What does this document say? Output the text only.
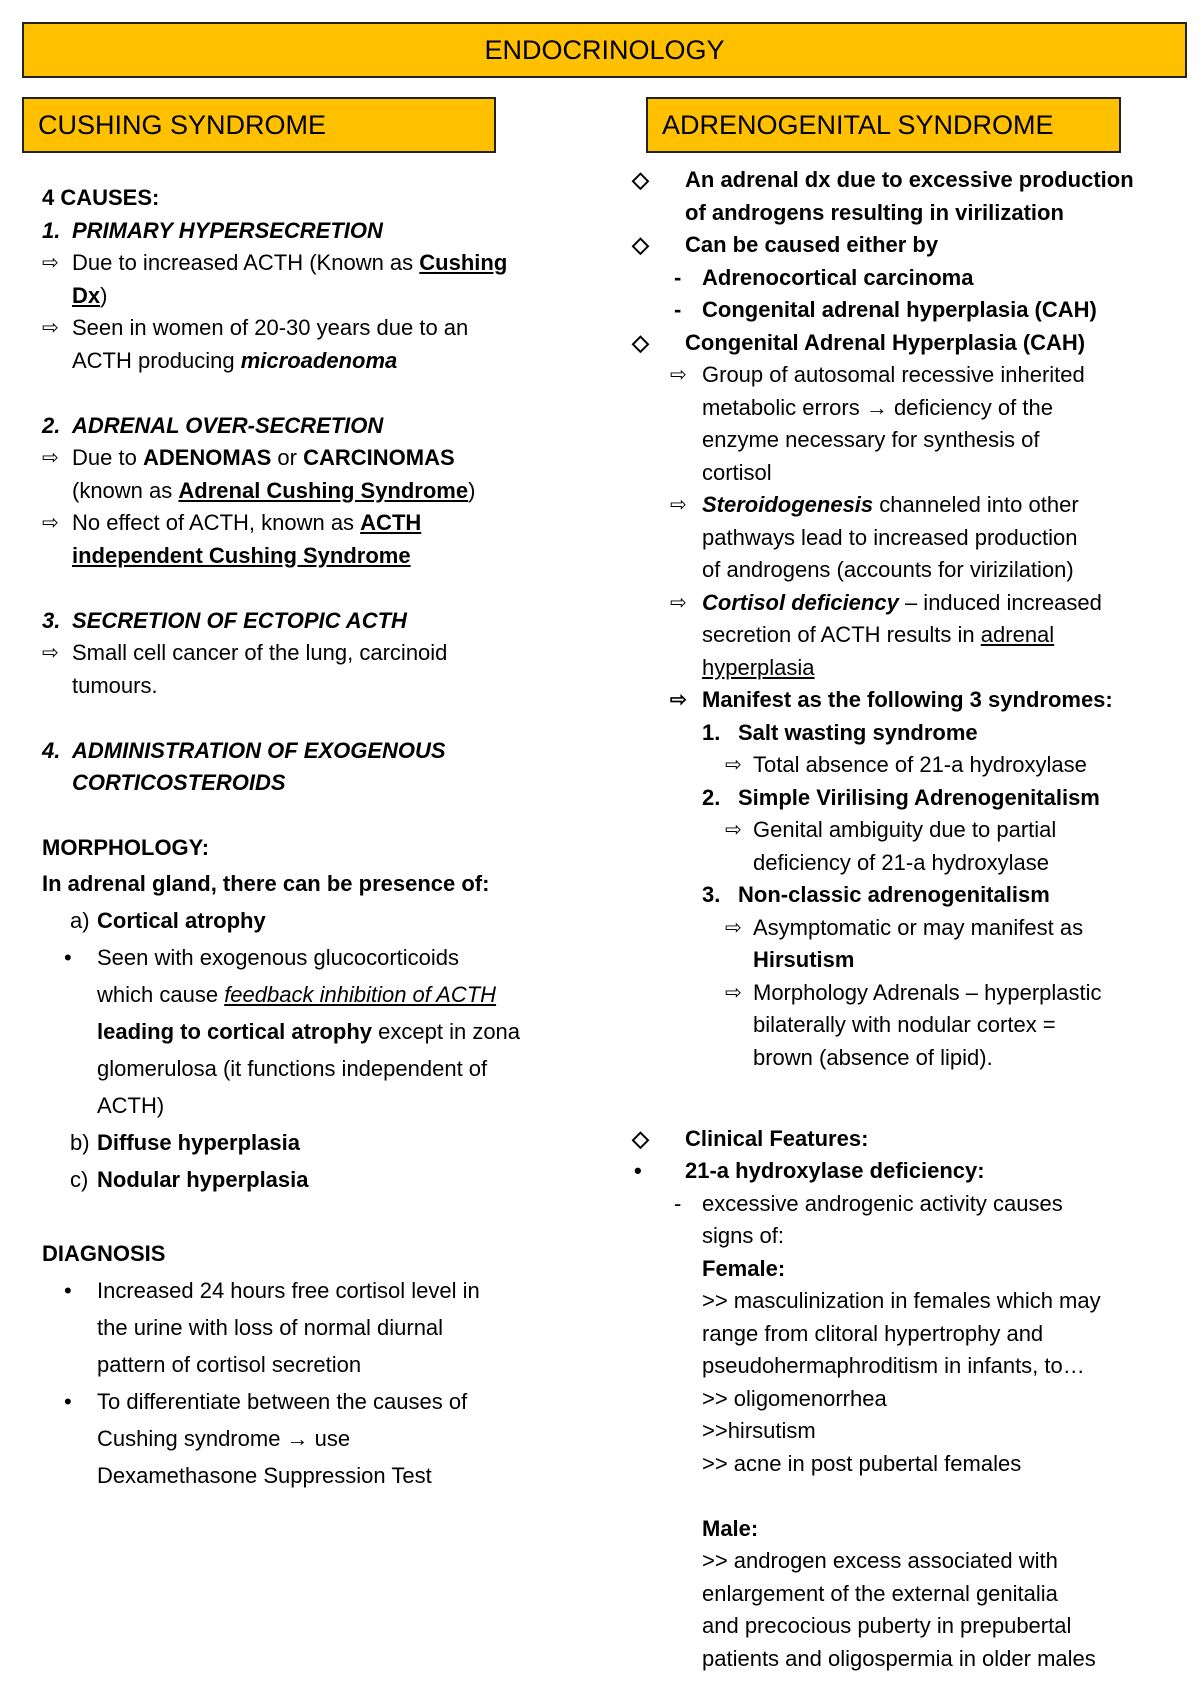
ENDOCRINOLOGY
CUSHING SYNDROME	ADRENOGENITAL SYNDROME
4 CAUSES:
1. PRIMARY HYPERSECRETION
⇨ Due to increased ACTH (Known as Cushing
Dx)
⇨ Seen in women of 20-30 years due to an
ACTH producing microadenoma
2. ADRENAL OVER-SECRETION
⇨ Due to ADENOMAS or CARCINOMAS
(known as Adrenal Cushing Syndrome)
⇨ No effect of ACTH, known as ACTH
independent Cushing Syndrome
3. SECRETION OF ECTOPIC ACTH
⇨ Small cell cancer of the lung, carcinoid
tumours.
4. ADMINISTRATION OF EXOGENOUS
CORTICOSTEROIDS
MORPHOLOGY:
In adrenal gland, there can be presence of:
a) Cortical atrophy
• Seen with exogenous glucocorticoids
which cause feedback inhibition of ACTH
leading to cortical atrophy except in zona
glomerulosa (it functions independent of
ACTH)
b) Diffuse hyperplasia
c) Nodular hyperplasia
DIAGNOSIS
• Increased 24 hours free cortisol level in
the urine with loss of normal diurnal
pattern of cortisol secretion
• To differentiate between the causes of
Cushing syndrome → use
Dexamethasone Suppression Test
◇ An adrenal dx due to excessive production
of androgens resulting in virilization
◇ Can be caused either by
- Adrenocortical carcinoma
- Congenital adrenal hyperplasia (CAH)
◇ Congenital Adrenal Hyperplasia (CAH)
⇨ Group of autosomal recessive inherited
metabolic errors → deficiency of the
enzyme necessary for synthesis of
cortisol
⇨ Steroidogenesis channeled into other
pathways lead to increased production
of androgens (accounts for virizilation)
⇨ Cortisol deficiency – induced increased
secretion of ACTH results in adrenal
hyperplasia
⇨ Manifest as the following 3 syndromes:
1. Salt wasting syndrome
⇨ Total absence of 21-a hydroxylase
2. Simple Virilising Adrenogenitalism
⇨ Genital ambiguity due to partial
deficiency of 21-a hydroxylase
3. Non-classic adrenogenitalism
⇨ Asymptomatic or may manifest as
Hirsutism
⇨ Morphology Adrenals – hyperplastic
bilaterally with nodular cortex =
brown (absence of lipid).
◇ Clinical Features:
• 21-a hydroxylase deficiency:
- excessive androgenic activity causes
signs of:
Female:
>> masculinization in females which may
range from clitoral hypertrophy and
pseudohermaphroditism in infants, to…
>> oligomenorrhea
>>hirsutism
>> acne in post pubertal females
Male:
>> androgen excess associated with
enlargement of the external genitalia
and precocious puberty in prepubertal
patients and oligospermia in older males
